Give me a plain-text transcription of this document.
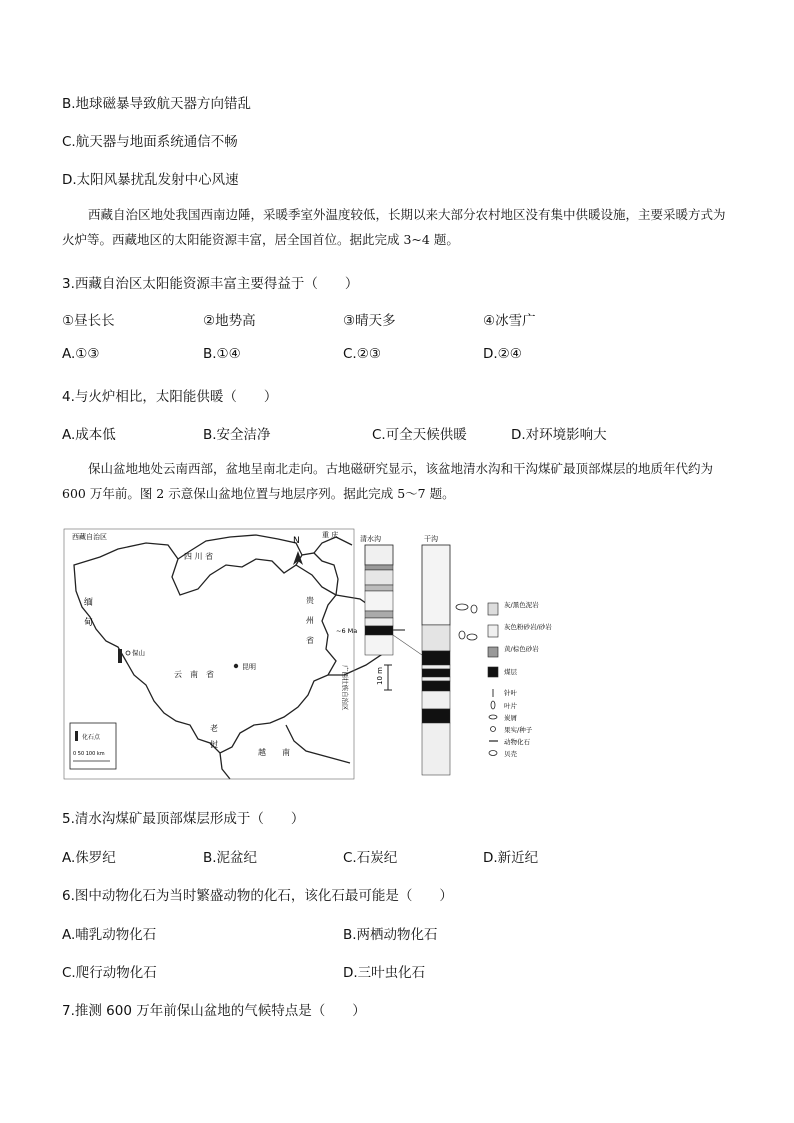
B.地球磁暴导致航天器方向错乱
C.航天器与地面系统通信不畅
D.太阳风暴扰乱发射中心风速
西藏自治区地处我国西南边陲，采暖季室外温度较低，长期以来大部分农村地区没有集中供暖设施，主要采暖方式为火炉等。西藏地区的太阳能资源丰富，居全国首位。据此完成 3~4 题。
3.西藏自治区太阳能资源丰富主要得益于（　　）
①昼长长	②地势高	③晴天多	④冰雪广
A.①③	B.①④	C.②③	D.②④
4.与火炉相比，太阳能供暖（　　）
A.成本低	B.安全洁净	C.可全天候供暖	D.对环境影响大
保山盆地地处云南西部，盆地呈南北走向。古地磁研究显示，该盆地清水沟和干沟煤矿最顶部煤层的地质年代约为 600 万年前。图 2 示意保山盆地位置与地层序列。据此完成 5～7 题。
西藏自治区
四 川 省
N
重 庆
缅
甸
贵
州
省
保山
云　南　省
昆明	广西壮族自治区
老
挝
越　　南
化石点
0 50 100 km
清水沟
~6 Ma
10 m
干沟
灰/黑色泥岩
灰色粉砂岩/砂岩
黄/棕色砂岩
煤层
针叶
叶片
炭屑
果实/种子
动物化石
贝壳
5.清水沟煤矿最顶部煤层形成于（　　）
A.侏罗纪	B.泥盆纪	C.石炭纪	D.新近纪
6.图中动物化石为当时繁盛动物的化石，该化石最可能是（　　）
A.哺乳动物化石	B.两栖动物化石
C.爬行动物化石	D.三叶虫化石
7.推测 600 万年前保山盆地的气候特点是（　　）
